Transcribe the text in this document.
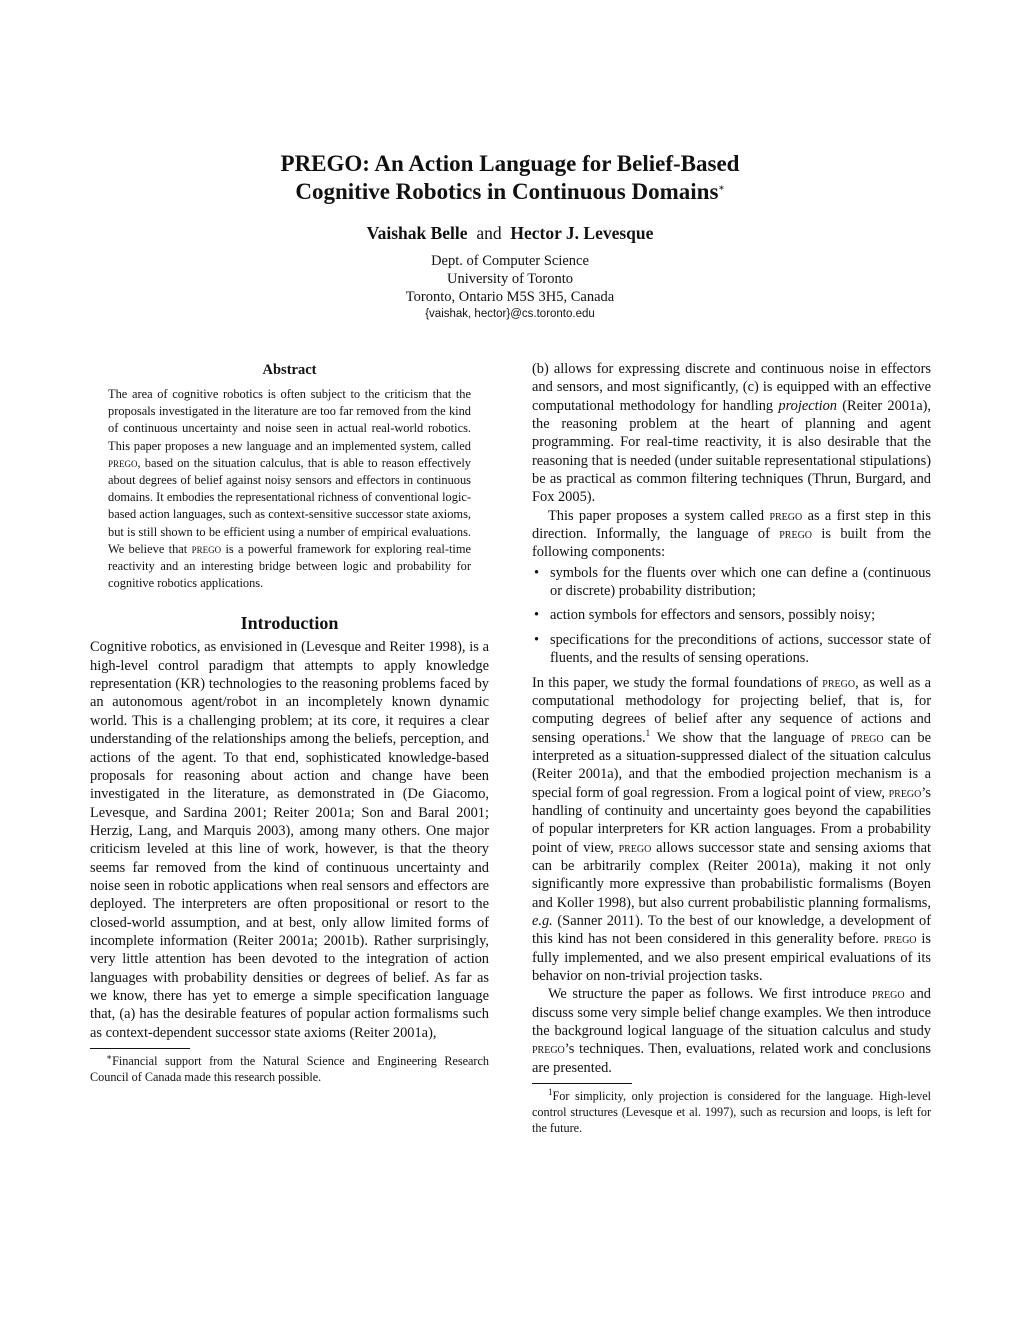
PREGO: An Action Language for Belief-Based
Cognitive Robotics in Continuous Domains∗

Vaishak Belle and Hector J. Levesque
Dept. of Computer Science
University of Toronto
Toronto, Ontario M5S 3H5, Canada
{vaishak, hector}@cs.toronto.edu

Abstract

The area of cognitive robotics is often subject to the criticism that the proposals investigated in the literature are too far removed from the kind of continuous uncertainty and noise seen in actual real-world robotics. This paper proposes a new language and an implemented system, called prego, based on the situation calculus, that is able to reason effectively about degrees of belief against noisy sensors and effectors in continuous domains. It embodies the representational richness of conventional logic-based action languages, such as context-sensitive successor state axioms, but is still shown to be efficient using a number of empirical evaluations. We believe that prego is a powerful framework for exploring real-time reactivity and an interesting bridge between logic and probability for cognitive robotics applications.

Introduction

Cognitive robotics, as envisioned in (Levesque and Reiter 1998), is a high-level control paradigm that attempts to apply knowledge representation (KR) technologies to the reasoning problems faced by an autonomous agent/robot in an incompletely known dynamic world. This is a challenging problem; at its core, it requires a clear understanding of the relationships among the beliefs, perception, and actions of the agent. To that end, sophisticated knowledge-based proposals for reasoning about action and change have been investigated in the literature, as demonstrated in (De Giacomo, Levesque, and Sardina 2001; Reiter 2001a; Son and Baral 2001; Herzig, Lang, and Marquis 2003), among many others. One major criticism leveled at this line of work, however, is that the theory seems far removed from the kind of continuous uncertainty and noise seen in robotic applications when real sensors and effectors are deployed. The interpreters are often propositional or resort to the closed-world assumption, and at best, only allow limited forms of incomplete information (Reiter 2001a; 2001b). Rather surprisingly, very little attention has been devoted to the integration of action languages with probability densities or degrees of belief. As far as we know, there has yet to emerge a simple specification language that, (a) has the desirable features of popular action formalisms such as context-dependent successor state axioms (Reiter 2001a),

∗Financial support from the Natural Science and Engineering Research Council of Canada made this research possible.

(b) allows for expressing discrete and continuous noise in effectors and sensors, and most significantly, (c) is equipped with an effective computational methodology for handling projection (Reiter 2001a), the reasoning problem at the heart of planning and agent programming. For real-time reactivity, it is also desirable that the reasoning that is needed (under suitable representational stipulations) be as practical as common filtering techniques (Thrun, Burgard, and Fox 2005).

This paper proposes a system called prego as a first step in this direction. Informally, the language of prego is built from the following components:

• symbols for the fluents over which one can define a (continuous or discrete) probability distribution;
• action symbols for effectors and sensors, possibly noisy;
• specifications for the preconditions of actions, successor state of fluents, and the results of sensing operations.

In this paper, we study the formal foundations of prego, as well as a computational methodology for projecting belief, that is, for computing degrees of belief after any sequence of actions and sensing operations.$^1$ We show that the language of prego can be interpreted as a situation-suppressed dialect of the situation calculus (Reiter 2001a), and that the embodied projection mechanism is a special form of goal regression. From a logical point of view, prego’s handling of continuity and uncertainty goes beyond the capabilities of popular interpreters for KR action languages. From a probability point of view, prego allows successor state and sensing axioms that can be arbitrarily complex (Reiter 2001a), making it not only significantly more expressive than probabilistic formalisms (Boyen and Koller 1998), but also current probabilistic planning formalisms, e.g. (Sanner 2011). To the best of our knowledge, a development of this kind has not been considered in this generality before. prego is fully implemented, and we also present empirical evaluations of its behavior on non-trivial projection tasks.

We structure the paper as follows. We first introduce prego and discuss some very simple belief change examples. We then introduce the background logical language of the situation calculus and study prego’s techniques. Then, evaluations, related work and conclusions are presented.

$^1$For simplicity, only projection is considered for the language. High-level control structures (Levesque et al. 1997), such as recursion and loops, is left for the future.
